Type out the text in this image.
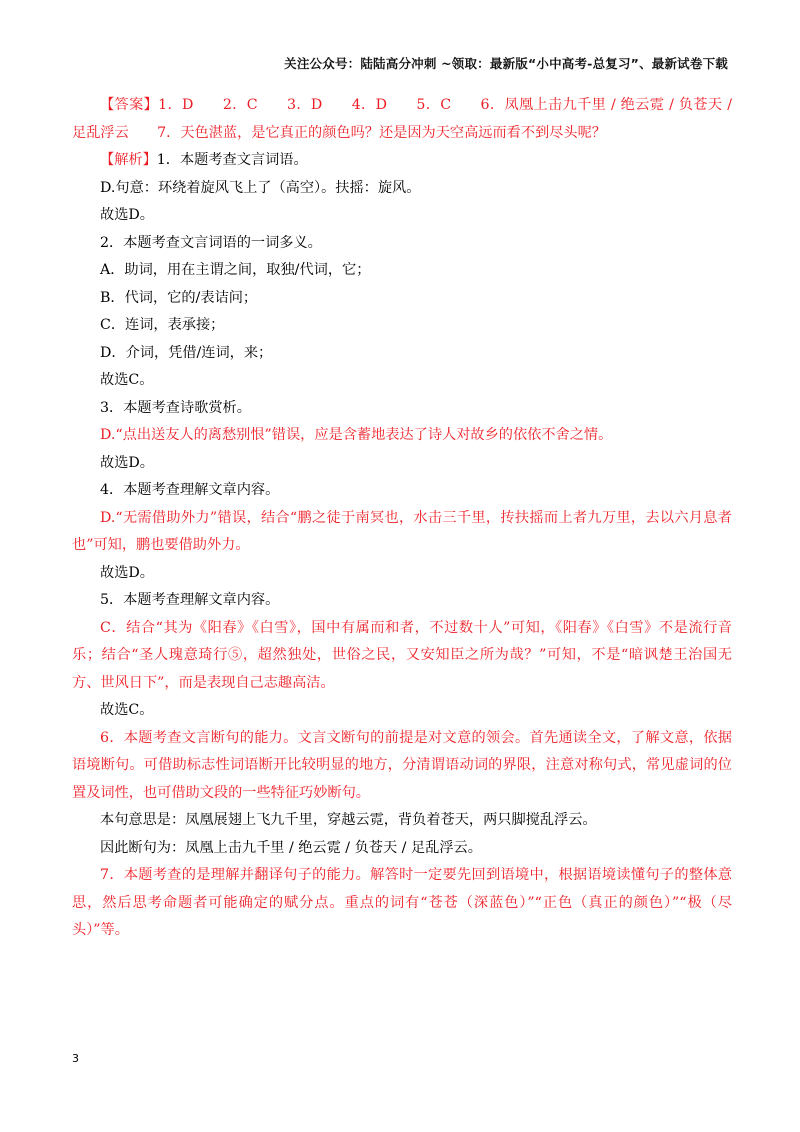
关注公众号：陆陆高分冲刺 ~领取：最新版“小中高考-总复习”、最新试卷下载

【答案】1．D　　2．C　　3．D　　4．D　　5．C　　6．凤凰上击九千里 / 绝云霓 / 负苍天 / 足乱浮云　　7．天色湛蓝，是它真正的颜色吗？还是因为天空高远而看不到尽头呢？

【解析】1．本题考查文言词语。

D.句意：环绕着旋风飞上了（高空）。扶摇：旋风。

故选D。

2．本题考查文言词语的一词多义。

A．助词，用在主谓之间，取独/代词，它；

B．代词，它的/表诘问；

C．连词，表承接；

D．介词，凭借/连词，来；

故选C。

3．本题考查诗歌赏析。

D.“点出送友人的离愁别恨”错误，应是含蓄地表达了诗人对故乡的依依不舍之情。

故选D。

4．本题考查理解文章内容。

D.“无需借助外力”错误，结合“鹏之徒于南冥也，水击三千里，抟扶摇而上者九万里，去以六月息者也”可知，鹏也要借助外力。

故选D。

5．本题考查理解文章内容。

C．结合“其为《阳春》《白雪》，国中有属而和者，不过数十人”可知，《阳春》《白雪》不是流行音乐；结合“圣人瑰意琦行⑤，超然独处，世俗之民，又安知臣之所为哉？”可知，不是“暗讽楚王治国无方、世风日下”，而是表现自己志趣高洁。

故选C。

6．本题考查文言断句的能力。文言文断句的前提是对文意的领会。首先通读全文，了解文意，依据语境断句。可借助标志性词语断开比较明显的地方，分清谓语动词的界限，注意对称句式，常见虚词的位置及词性，也可借助文段的一些特征巧妙断句。

本句意思是：凤凰展翅上飞九千里，穿越云霓，背负着苍天，两只脚搅乱浮云。

因此断句为：凤凰上击九千里 / 绝云霓 / 负苍天 / 足乱浮云。

7．本题考查的是理解并翻译句子的能力。解答时一定要先回到语境中，根据语境读懂句子的整体意思，然后思考命题者可能确定的赋分点。重点的词有“苍苍（深蓝色）”“正色（真正的颜色）”“极（尽头）”等。

3
